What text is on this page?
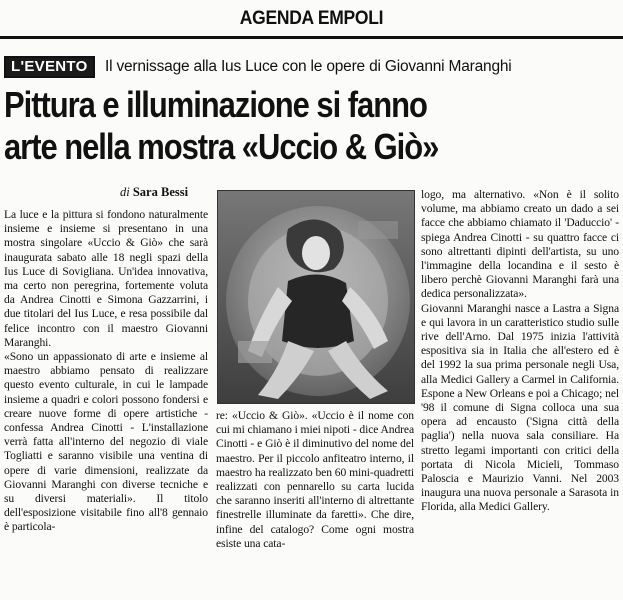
AGENDA EMPOLI
L'EVENTO Il vernissage alla Ius Luce con le opere di Giovanni Maranghi
Pittura e illuminazione si fanno
arte nella mostra «Uccio & Giò»
di Sara Bessi

La luce e la pittura si fondono naturalmente insieme e insieme si presentano in una mostra singolare «Uccio & Giò» che sarà inaugurata sabato alle 18 negli spazi della Ius Luce di Sovigliana. Un'idea innovativa, ma certo non peregrina, fortemente voluta da Andrea Cinotti e Simona Gazzarrini, i due titolari del Ius Luce, e resa possibile dal felice incontro con il maestro Giovanni Maranghi.

«Sono un appassionato di arte e insieme al maestro abbiamo pensato di realizzare questo evento culturale, in cui le lampade insieme a quadri e colori possono fondersi e creare nuove forme di opere artistiche - confessa Andrea Cinotti - L'installazione verrà fatta all'interno del negozio di viale Togliatti e saranno visibile una ventina di opere di varie dimensioni, realizzate da Giovanni Maranghi con diverse tecniche e su diversi materiali». Il titolo dell'esposizione visitabile fino all'8 gennaio è particola-

re: «Uccio & Giò». «Uccio è il nome con cui mi chiamano i miei nipoti - dice Andrea Cinotti - e Giò è il diminutivo del nome del maestro. Per il piccolo anfiteatro interno, il maestro ha realizzato ben 60 mini-quadretti realizzati con pennarello su carta lucida che saranno inseriti all'interno di altrettante finestrelle illuminate da faretti». Che dire, infine del catalogo? Come ogni mostra esiste una cata-

logo, ma alternativo. «Non è il solito volume, ma abbiamo creato un dado a sei facce che abbiamo chiamato il 'Daduccio' - spiega Andrea Cinotti - su quattro facce ci sono altrettanti dipinti dell'artista, su uno l'immagine della locandina e il sesto è libero perchè Giovanni Maranghi farà una dedica personalizzata».

Giovanni Maranghi nasce a Lastra a Signa e qui lavora in un caratteristico studio sulle rive dell'Arno. Dal 1975 inizia l'attività espositiva sia in Italia che all'estero ed è del 1992 la sua prima personale negli Usa, alla Medici Gallery a Carmel in California. Espone a New Orleans e poi a Chicago; nel '98 il comune di Signa colloca una sua opera ad encausto ('Signa città della paglia') nella nuova sala consiliare. Ha stretto legami importanti con critici della portata di Nicola Micieli, Tommaso Paloscia e Maurizio Vanni. Nel 2003 inaugura una nuova personale a Sarasota in Florida, alla Medici Gallery.
